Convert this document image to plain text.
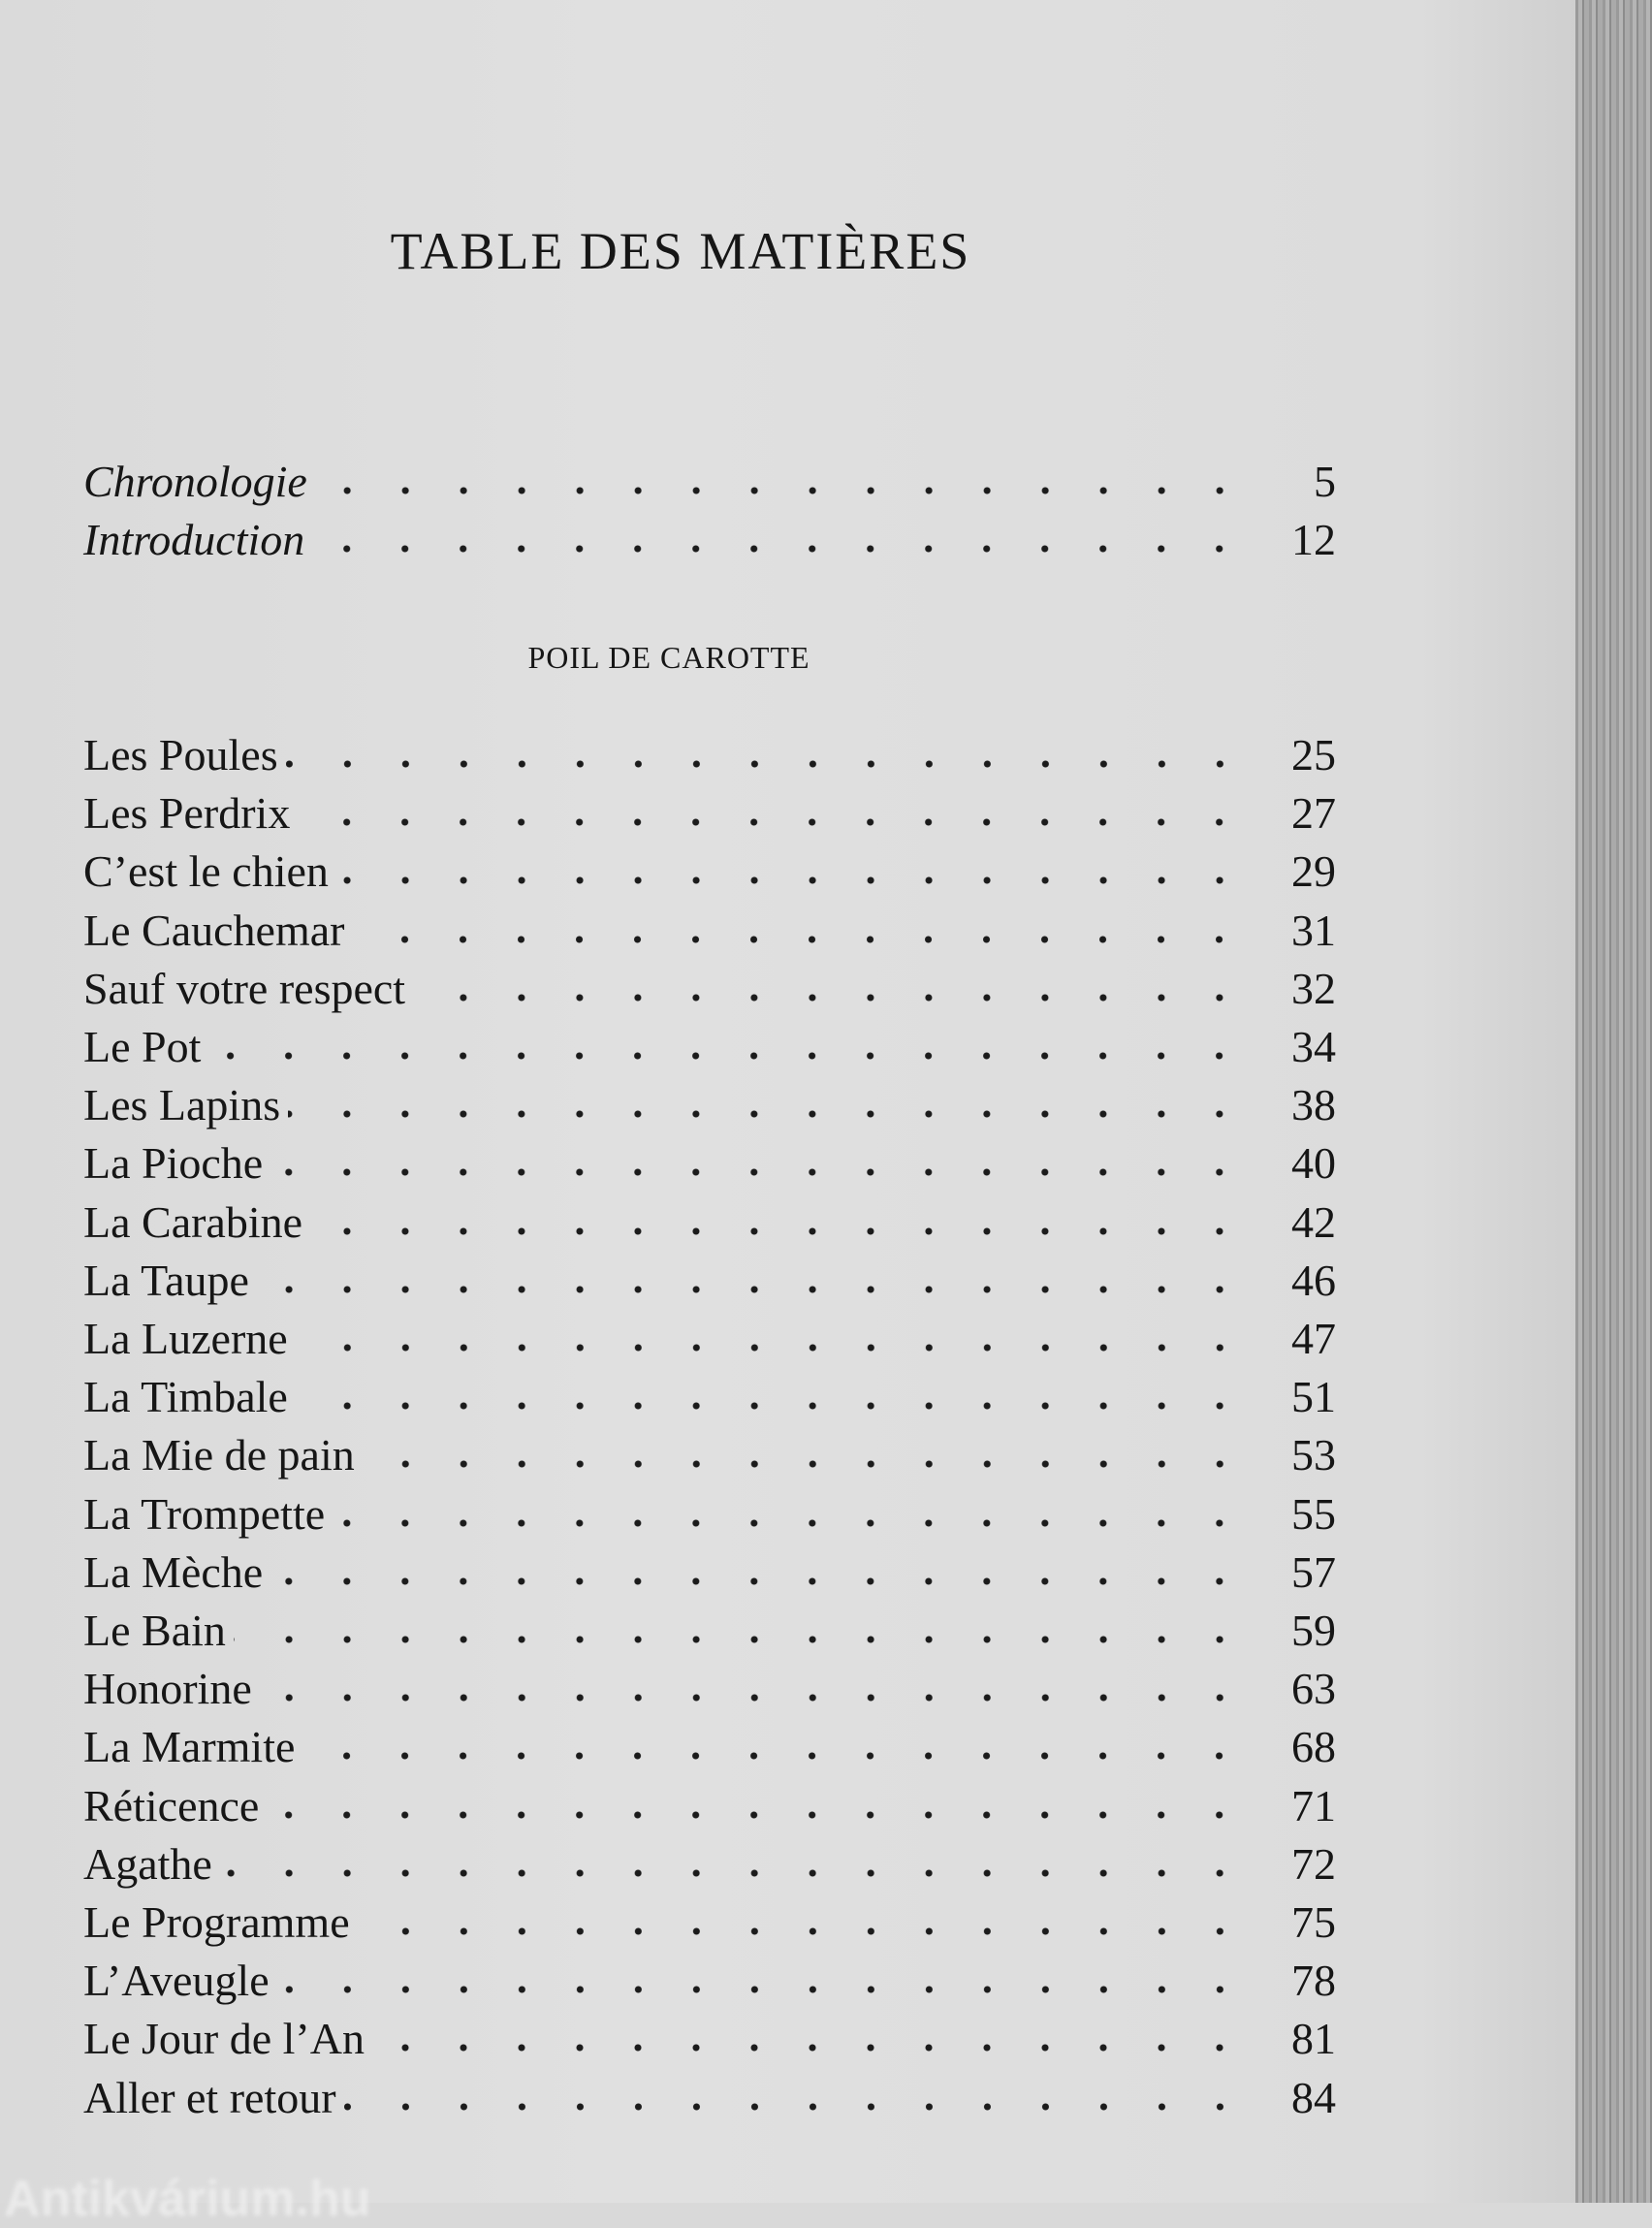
TABLE DES MATIÈRES
Chronologie	5
Introduction	12
POIL DE CAROTTE
Les Poules	25
Les Perdrix	27
C’est le chien	29
Le Cauchemar	31
Sauf votre respect	32
Le Pot	34
Les Lapins	38
La Pioche	40
La Carabine	42
La Taupe	46
La Luzerne	47
La Timbale	51
La Mie de pain	53
La Trompette	55
La Mèche	57
Le Bain	59
Honorine	63
La Marmite	68
Réticence	71
Agathe	72
Le Programme	75
L’Aveugle	78
Le Jour de l’An	81
Aller et retour	84
Antikvárium.hu
